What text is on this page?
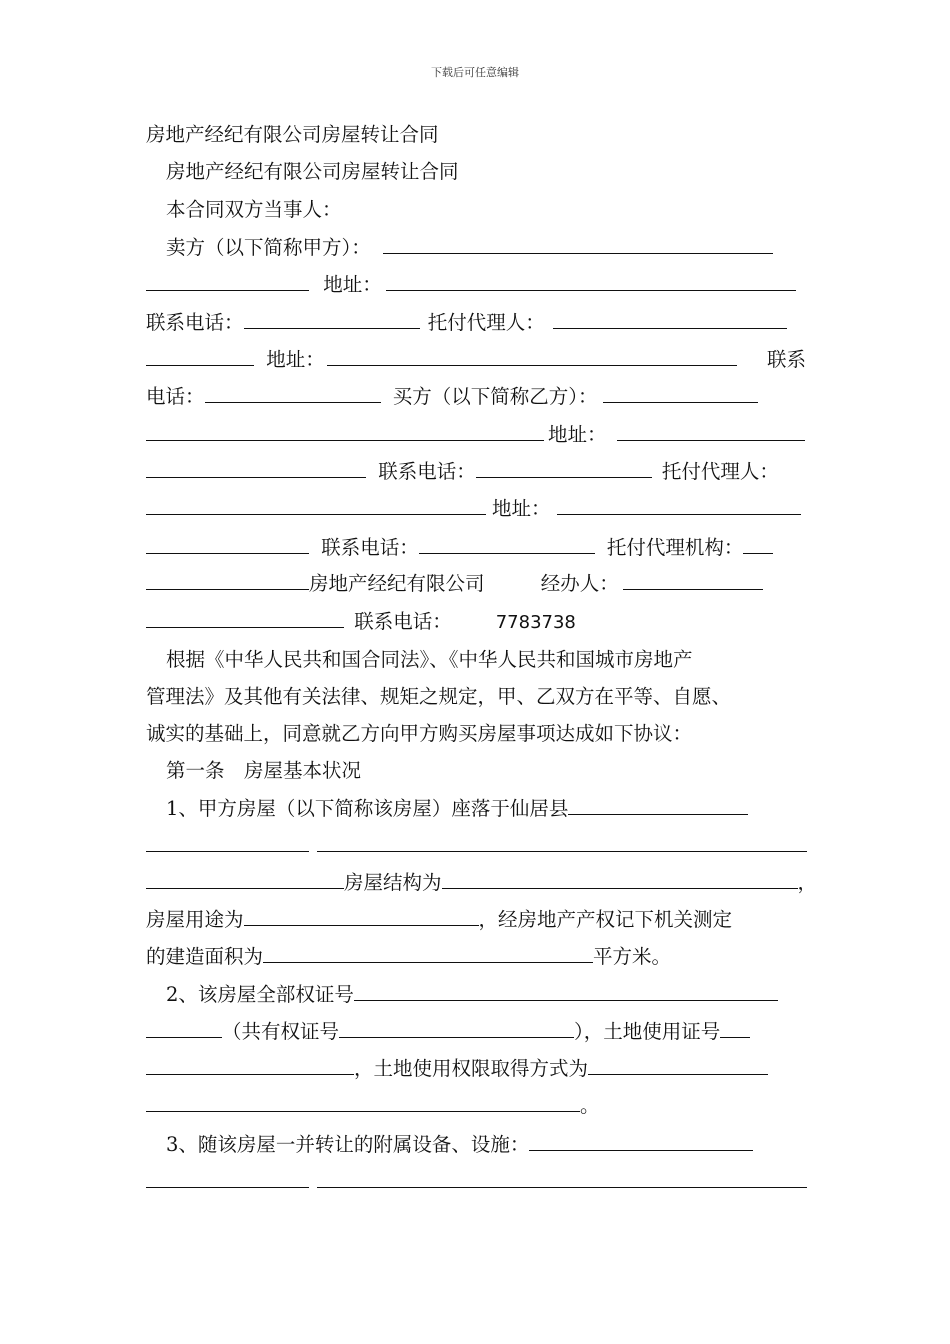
下载后可任意编辑
房地产经纪有限公司房屋转让合同
房地产经纪有限公司房屋转让合同
本合同双方当事人：
卖方（以下简称甲方）：
地址：
联系电话：	托付代理人：
地址：	联系
电话：	买方（以下简称乙方）：
地址：
联系电话：	托付代理人：
地址：
联系电话：	托付代理机构：
房地产经纪有限公司	经办人：
联系电话： 7783738
根据《中华人民共和国合同法》、《中华人民共和国城市房地产
管理法》及其他有关法律、规矩之规定，甲、乙双方在平等、自愿、
诚实的基础上，同意就乙方向甲方购买房屋事项达成如下协议：
第一条　房屋基本状况
1、甲方房屋（以下简称该房屋）座落于仙居县
房屋结构为	，
房屋用途为	，经房地产产权记下机关测定
的建造面积为	平方米。
2、该房屋全部权证号
（共有权证号	），土地使用证号
，土地使用权限取得方式为
。
3、随该房屋一并转让的附属设备、设施：
